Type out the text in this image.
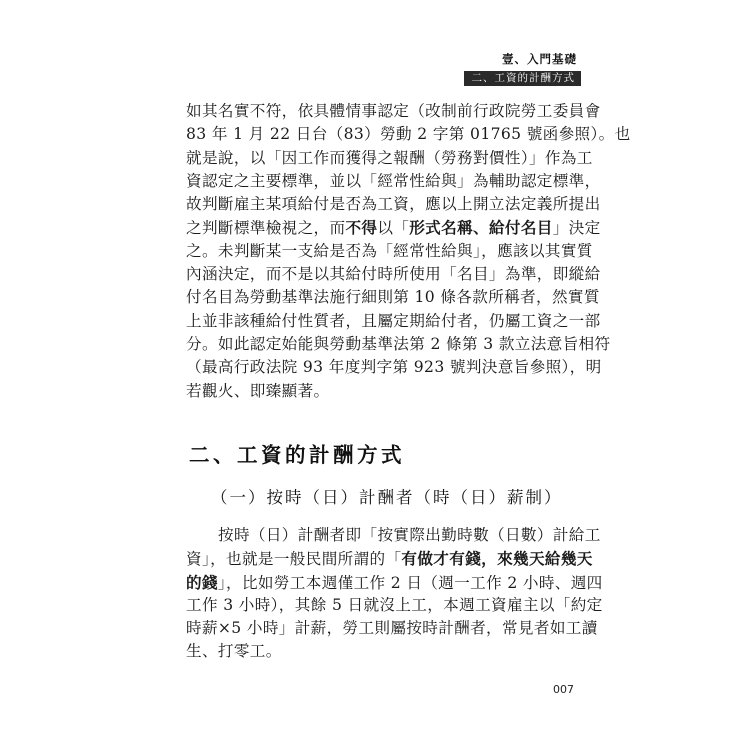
壹、入門基礎
二、工資的計酬方式
如其名實不符，依具體情事認定（改制前行政院勞工委員會
83 年 1 月 22 日台（83）勞動 2 字第 01765 號函參照）。也
就是說，以「因工作而獲得之報酬（勞務對價性）」作為工
資認定之主要標準，並以「經常性給與」為輔助認定標準，
故判斷雇主某項給付是否為工資，應以上開立法定義所提出
之判斷標準檢視之，而不得以「形式名稱、給付名目」決定
之。未判斷某一支給是否為「經常性給與」，應該以其實質
內涵決定，而不是以其給付時所使用「名目」為準，即縱給
付名目為勞動基準法施行細則第 10 條各款所稱者，然實質
上並非該種給付性質者，且屬定期給付者，仍屬工資之一部
分。如此認定始能與勞動基準法第 2 條第 3 款立法意旨相符
（最高行政法院 93 年度判字第 923 號判決意旨參照），明
若觀火、即臻顯著。
二、工資的計酬方式
（一）按時（日）計酬者（時（日）薪制）
按時（日）計酬者即「按實際出勤時數（日數）計給工
資」，也就是一般民間所謂的「有做才有錢，來幾天給幾天
的錢」，比如勞工本週僅工作 2 日（週一工作 2 小時、週四
工作 3 小時），其餘 5 日就沒上工，本週工資雇主以「約定
時薪×5 小時」計薪，勞工則屬按時計酬者，常見者如工讀
生、打零工。
007
